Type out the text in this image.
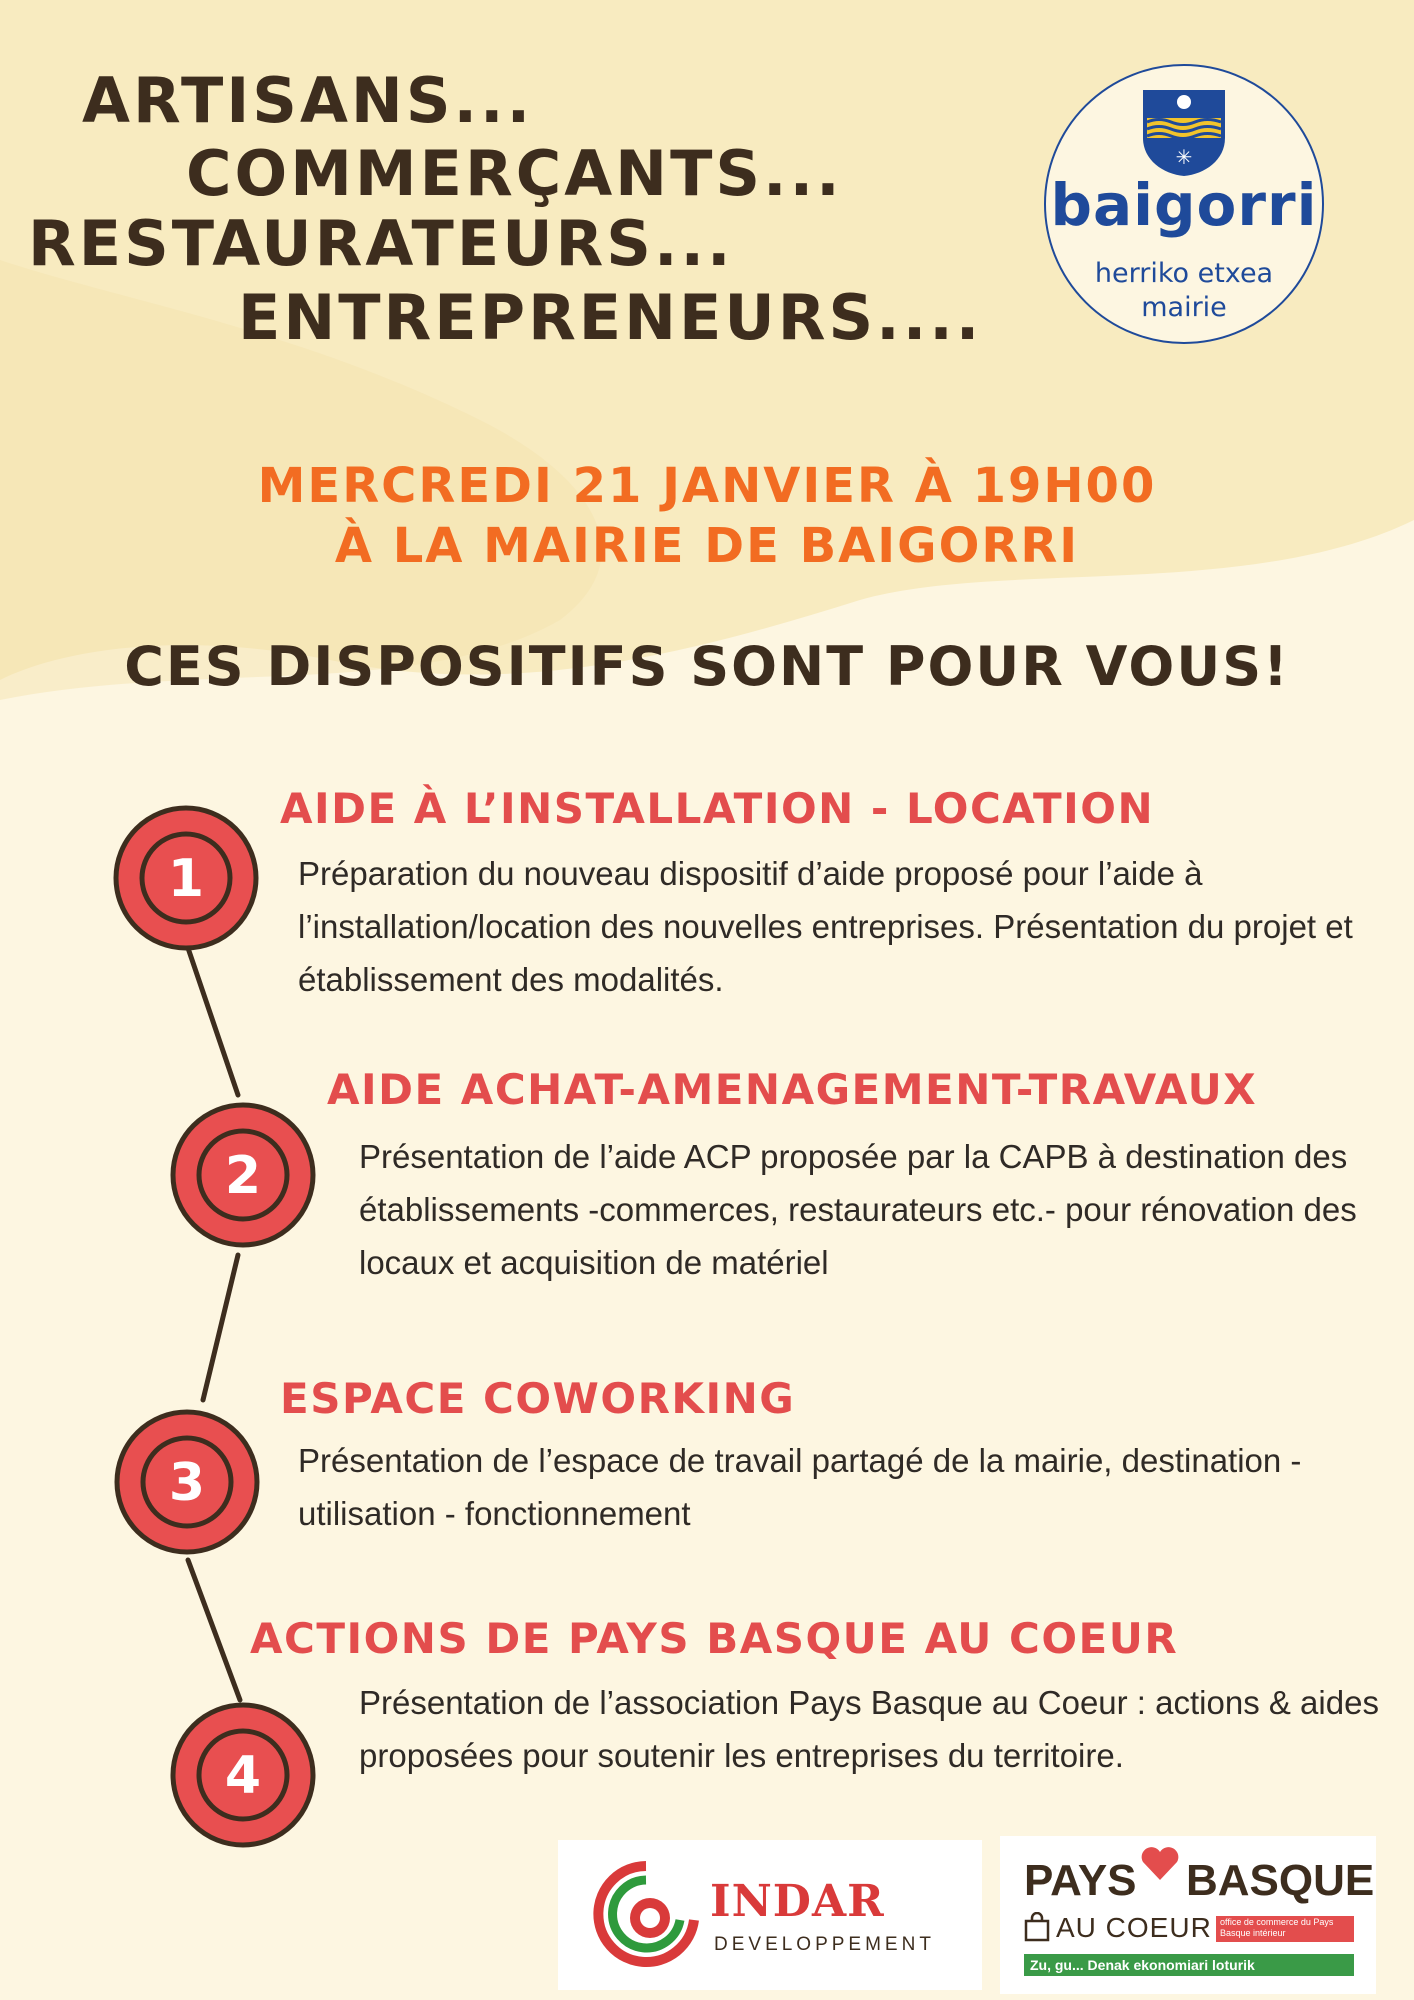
ARTISANS...
COMMERÇANTS...
RESTAURATEURS...
ENTREPRENEURS....
✳
baigorri
herriko etxea
mairie

MERCREDI 21 JANVIER À 19H00

À LA MAIRIE DE BAIGORRI

CES DISPOSITIFS SONT POUR VOUS!
1
2
3
4
AIDE À L’INSTALLATION - LOCATION
AIDE ACHAT-AMENAGEMENT-TRAVAUX
ESPACE COWORKING
ACTIONS DE PAYS BASQUE AU COEUR

Préparation du nouveau dispositif d’aide proposé pour l’aide à l’installation/location des nouvelles entreprises. Présentation du projet et établissement des modalités.

Présentation de l’aide ACP proposée par la CAPB à destination des établissements -commerces, restaurateurs etc.- pour rénovation des locaux et acquisition de matériel

Présentation de l’espace de travail partagé de la mairie, destination - utilisation - fonctionnement

Présentation de l’association Pays Basque au Coeur : actions & aides proposées pour soutenir les entreprises du territoire.

INDAR
DEVELOPPEMENT
PAYS BASQUE
AU COEUR office de commerce du Pays Basque intérieur
Zu, gu... Denak ekonomiari loturik
